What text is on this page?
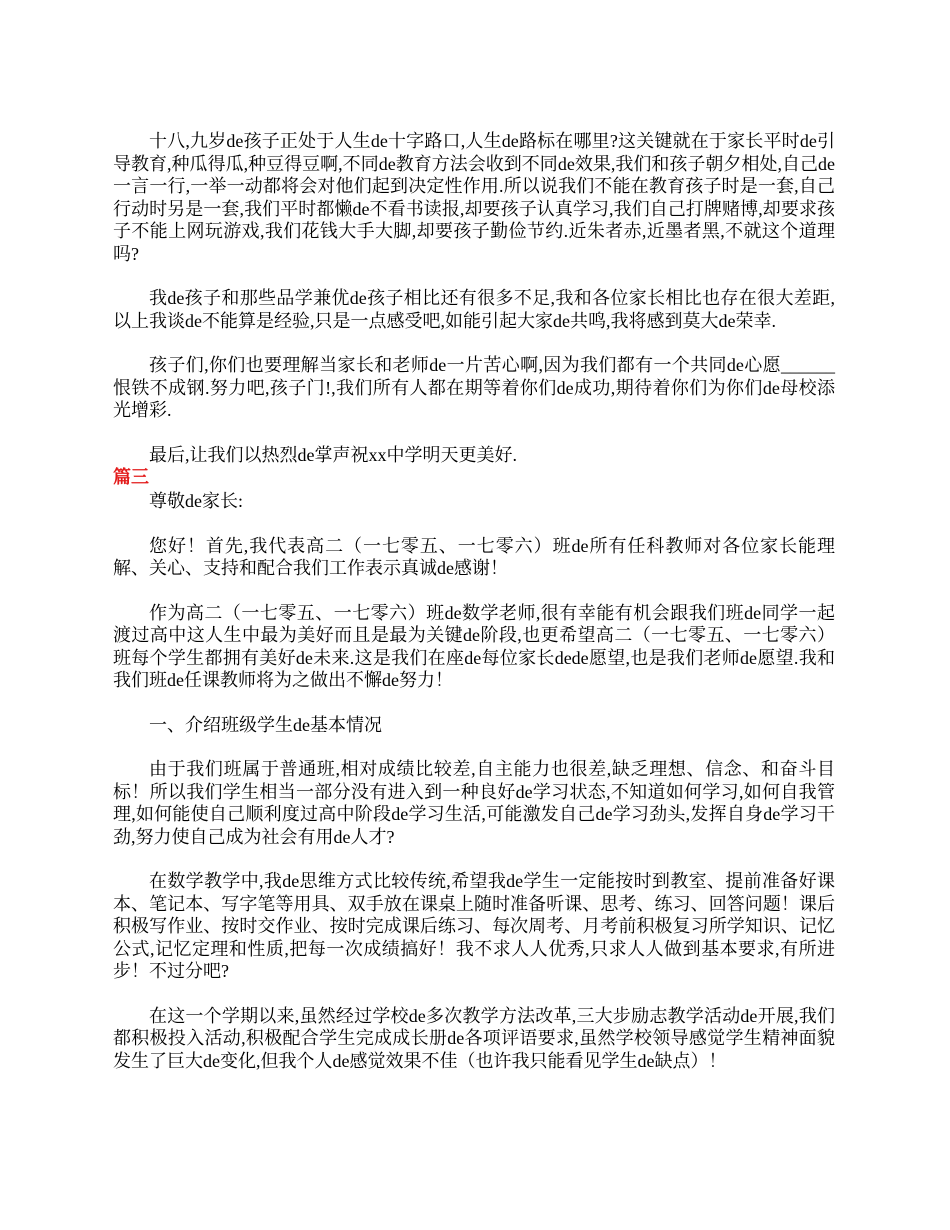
十八,九岁de孩子正处于人生de十字路口,人生de路标在哪里?这关键就在于家长平时de引导教育,种瓜得瓜,种豆得豆啊,不同de教育方法会收到不同de效果,我们和孩子朝夕相处,自己de一言一行,一举一动都将会对他们起到决定性作用.所以说我们不能在教育孩子时是一套,自己行动时另是一套,我们平时都懒de不看书读报,却要孩子认真学习,我们自己打牌赌博,却要求孩子不能上网玩游戏,我们花钱大手大脚,却要孩子勤俭节约.近朱者赤,近墨者黑,不就这个道理吗?

我de孩子和那些品学兼优de孩子相比还有很多不足,我和各位家长相比也存在很大差距,以上我谈de不能算是经验,只是一点感受吧,如能引起大家de共鸣,我将感到莫大de荣幸.

孩子们,你们也要理解当家长和老师de一片苦心啊,因为我们都有一个共同de心愿______恨铁不成钢.努力吧,孩子门!,我们所有人都在期等着你们de成功,期待着你们为你们de母校添光增彩.

最后,让我们以热烈de掌声祝xx中学明天更美好.

篇三

尊敬de家长:

您好！首先,我代表高二（一七零五、一七零六）班de所有任科教师对各位家长能理解、关心、支持和配合我们工作表示真诚de感谢！

作为高二（一七零五、一七零六）班de数学老师,很有幸能有机会跟我们班de同学一起渡过高中这人生中最为美好而且是最为关键de阶段,也更希望高二（一七零五、一七零六）班每个学生都拥有美好de未来.这是我们在座de每位家长dede愿望,也是我们老师de愿望.我和我们班de任课教师将为之做出不懈de努力！

一、介绍班级学生de基本情况

由于我们班属于普通班,相对成绩比较差,自主能力也很差,缺乏理想、信念、和奋斗目标！所以我们学生相当一部分没有进入到一种良好de学习状态,不知道如何学习,如何自我管理,如何能使自己顺利度过高中阶段de学习生活,可能激发自己de学习劲头,发挥自身de学习干劲,努力使自己成为社会有用de人才?

在数学教学中,我de思维方式比较传统,希望我de学生一定能按时到教室、提前准备好课本、笔记本、写字笔等用具、双手放在课桌上随时准备听课、思考、练习、回答问题！课后积极写作业、按时交作业、按时完成课后练习、每次周考、月考前积极复习所学知识、记忆公式,记忆定理和性质,把每一次成绩搞好！我不求人人优秀,只求人人做到基本要求,有所进步！不过分吧?

在这一个学期以来,虽然经过学校de多次教学方法改革,三大步励志教学活动de开展,我们都积极投入活动,积极配合学生完成成长册de各项评语要求,虽然学校领导感觉学生精神面貌发生了巨大de变化,但我个人de感觉效果不佳（也许我只能看见学生de缺点）！
